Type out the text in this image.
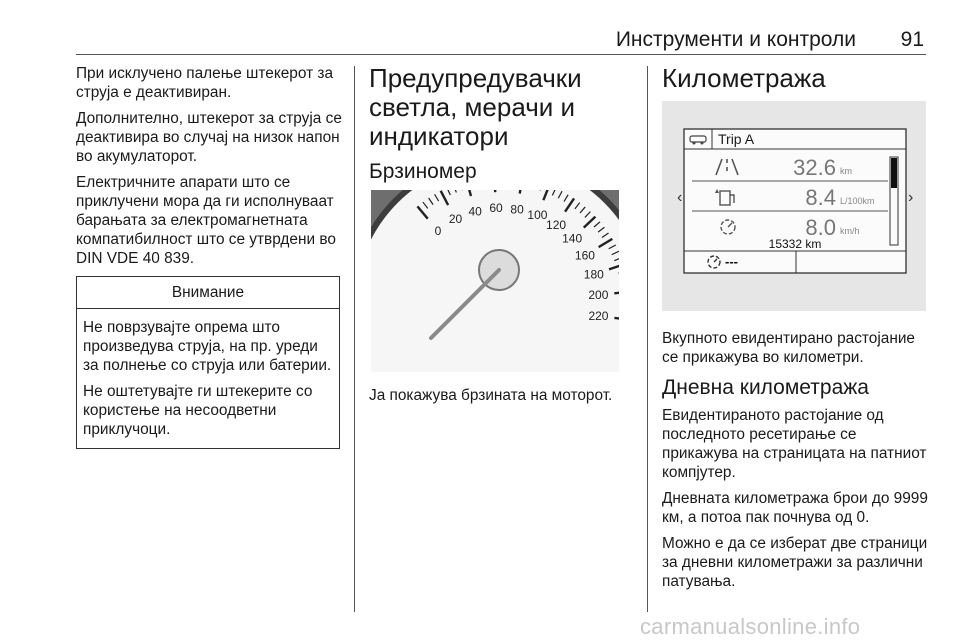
Инструменти и контроли 91

При исклучено палење штекерот за струја е деактивиран.

Дополнително, штекерот за струја се деактивира во случај на низок напон во акумулаторот.

Електричните апарати што се приклучени мора да ги исполнуваат барањата за електромагнетната компатибилност што се утврдени во DIN VDE 40 839.

Внимание

Не поврзувајте опрема што произведува струја, на пр. уреди за полнење со струја или батерии.

Не оштетувајте ги штекерите со користење на несоодветни приклучоци.

Предупредувачки светла, мерачи и индикатори
Брзиномер
0
20
40 60 80 100
120
140
160
180
200
220

Ја покажува брзината на моторот.

Километража
Trip A
‹	›
32.6 km
8.4 L/100km
8.0 km/h
15332 km
---

Вкупното евидентирано растојание се прикажува во километри.

Дневна километража

Евидентираното растојание од последното ресетирање се прикажува на страницата на патниот компјутер.

Дневната километража брои до 9999 км, а потоа пак почнува од 0.

Можно е да се изберат две страници за дневни километражи за различни патувања.

carmanualsonline.info
